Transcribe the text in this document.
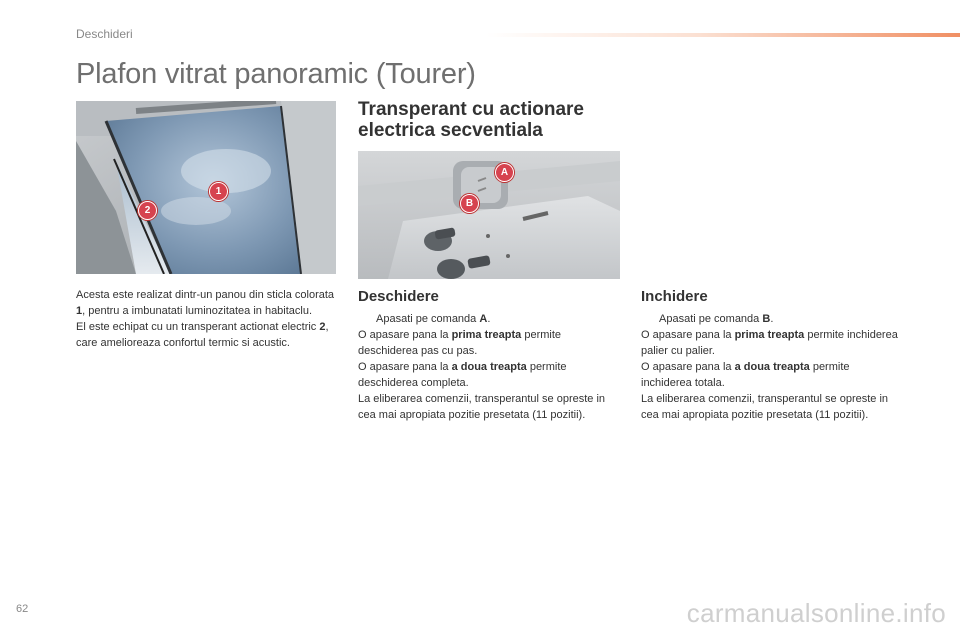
Deschideri
Plafon vitrat panoramic (Tourer)
Transperant cu actionare
electrica secventiala
1
2
A
B
Acesta este realizat dintr-un panou din sticla colorata 1, pentru a imbunatati luminozitatea in habitaclu.
El este echipat cu un transperant actionat electric 2, care amelioreaza confortul termic si acustic.
Deschidere
Apasati pe comanda A.
O apasare pana la prima treapta permite deschiderea pas cu pas.
O apasare pana la a doua treapta permite deschiderea completa.
La eliberarea comenzii, transperantul se opreste in cea mai apropiata pozitie presetata (11 pozitii).
Inchidere
Apasati pe comanda B.
O apasare pana la prima treapta permite inchiderea palier cu palier.
O apasare pana la a doua treapta permite inchiderea totala.
La eliberarea comenzii, transperantul se opreste in cea mai apropiata pozitie presetata (11 pozitii).
62	carmanualsonline.info
